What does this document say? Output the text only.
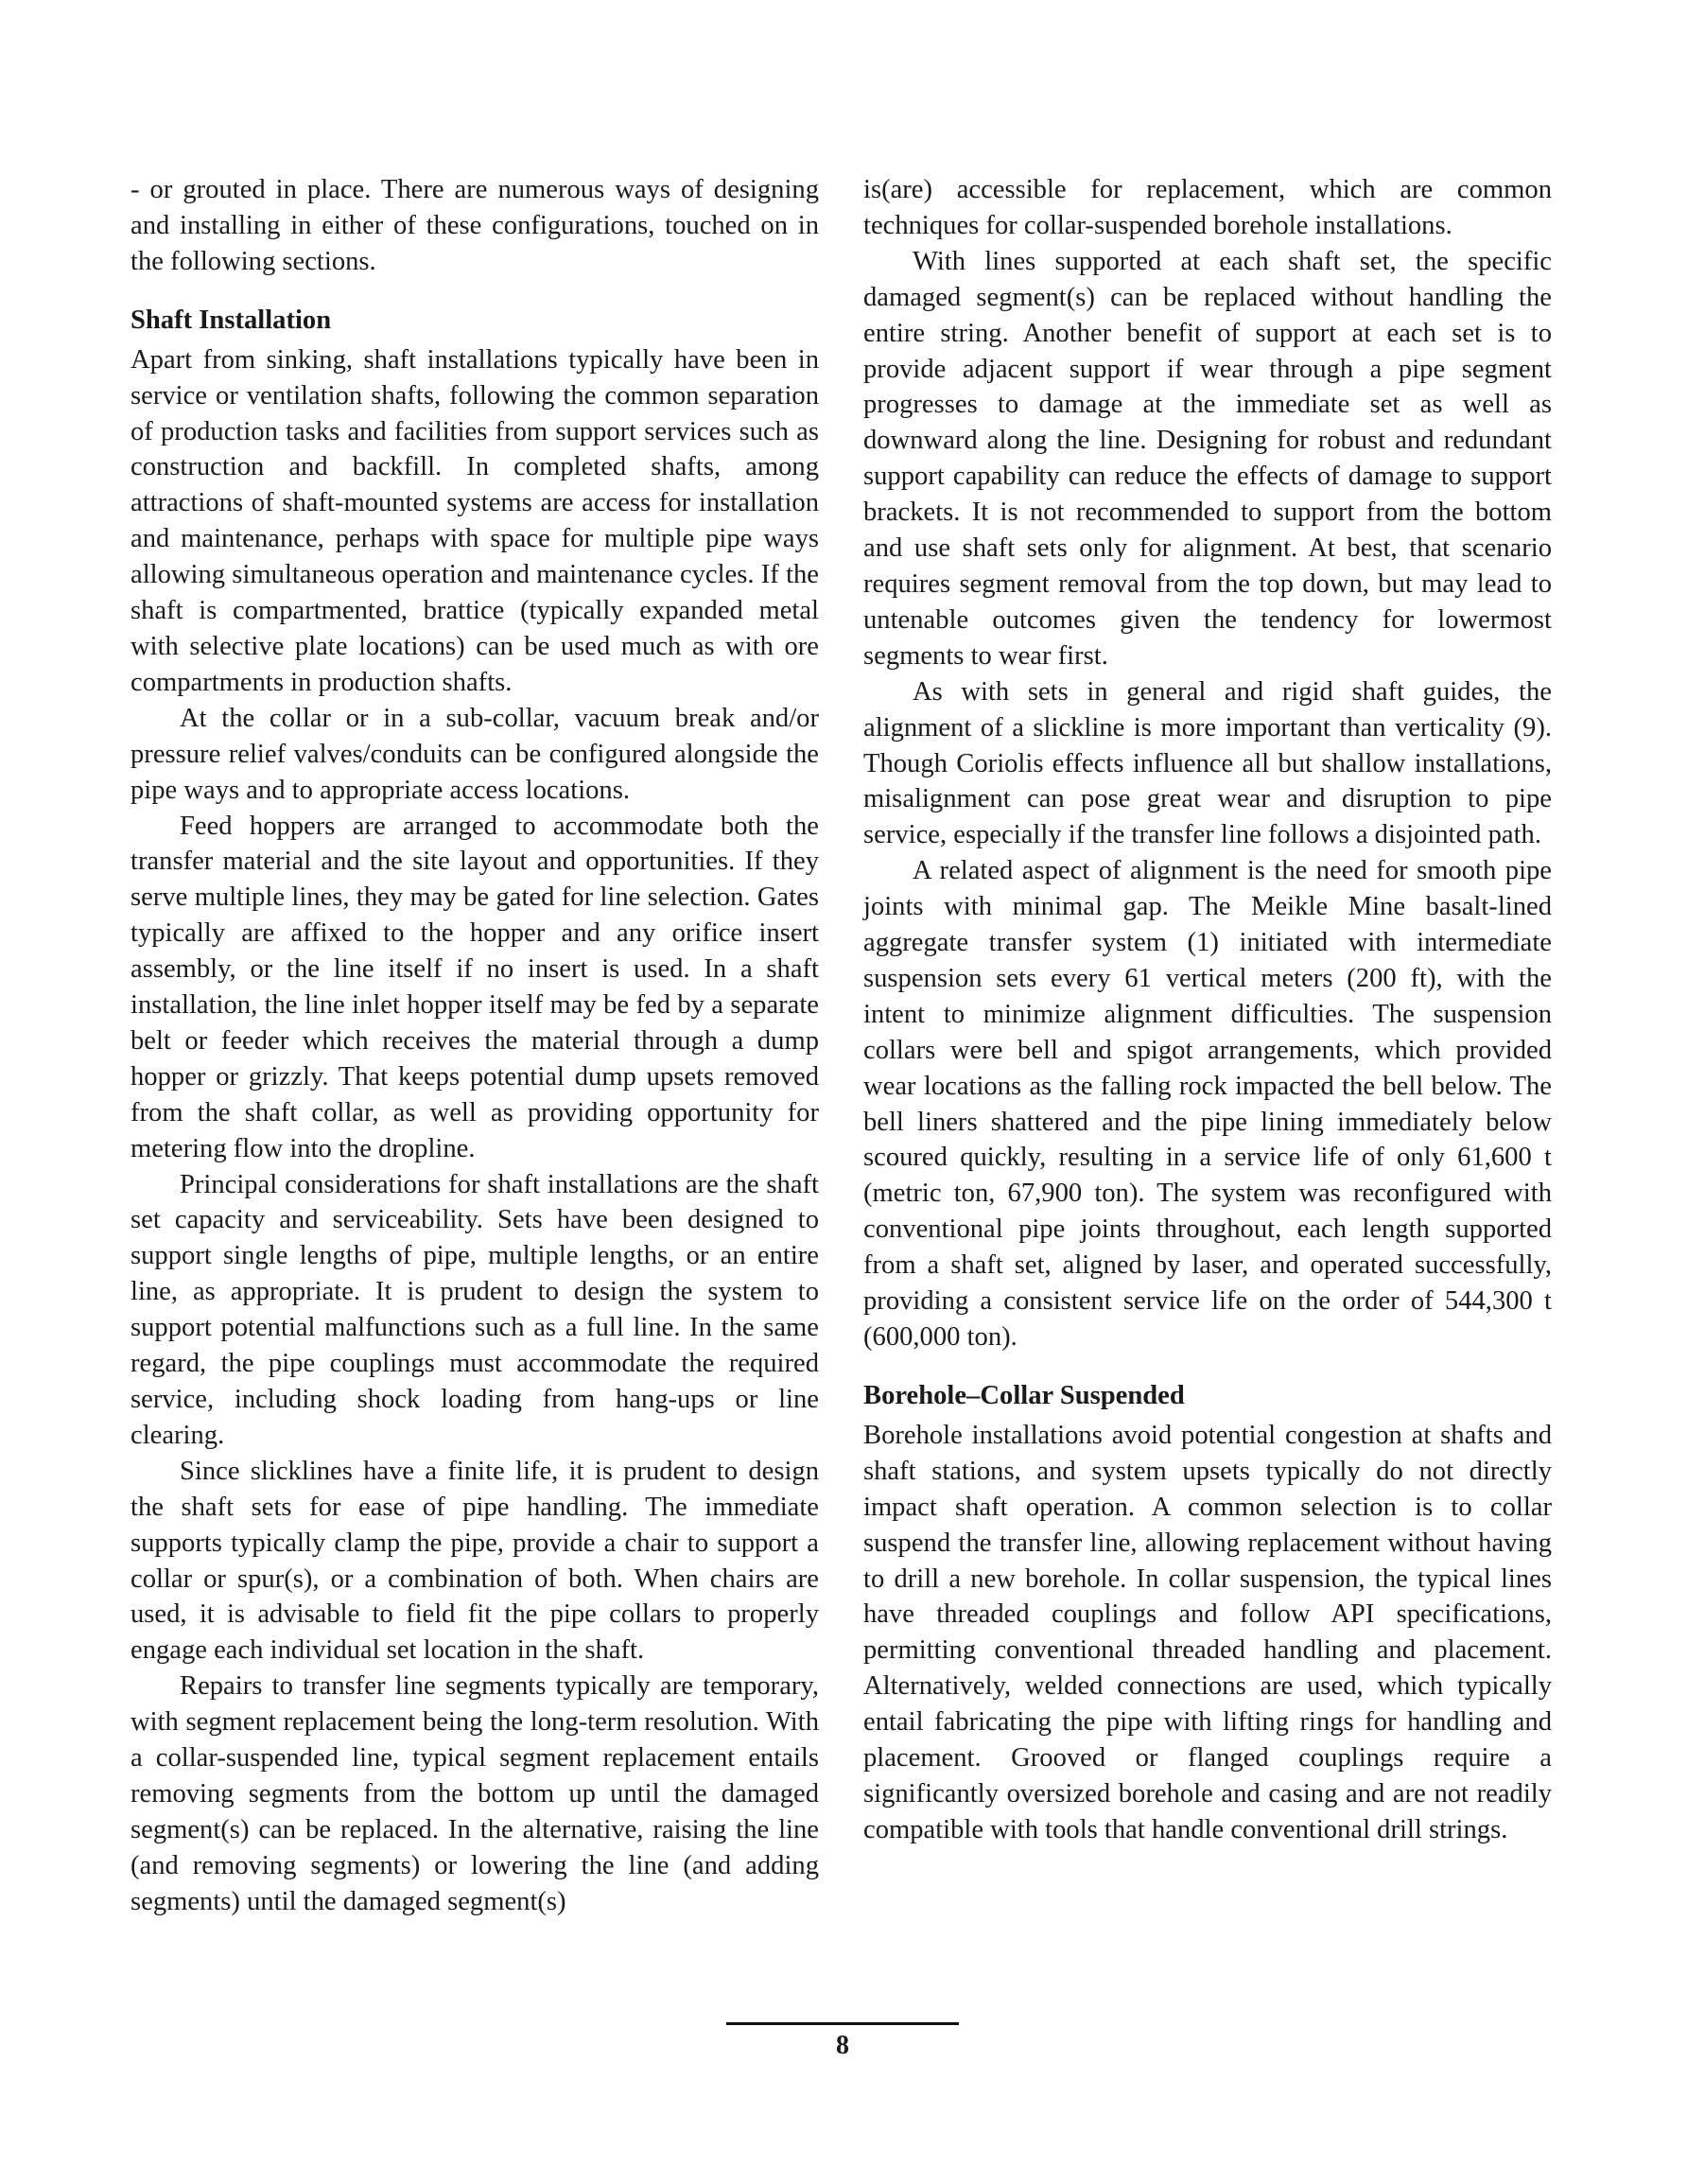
- or grouted in place. There are numerous ways of designing and installing in either of these configurations, touched on in the following sections.

Shaft Installation

Apart from sinking, shaft installations typically have been in service or ventilation shafts, following the common separation of production tasks and facilities from support services such as construction and backfill. In completed shafts, among attractions of shaft-mounted systems are access for installation and maintenance, perhaps with space for multiple pipe ways allowing simultaneous operation and maintenance cycles. If the shaft is compartmented, brattice (typically expanded metal with selective plate locations) can be used much as with ore compartments in production shafts.

At the collar or in a sub-collar, vacuum break and/or pressure relief valves/conduits can be configured alongside the pipe ways and to appropriate access locations.

Feed hoppers are arranged to accommodate both the transfer material and the site layout and opportunities. If they serve multiple lines, they may be gated for line selection. Gates typically are affixed to the hopper and any orifice insert assembly, or the line itself if no insert is used. In a shaft installation, the line inlet hopper itself may be fed by a separate belt or feeder which receives the material through a dump hopper or grizzly. That keeps potential dump upsets removed from the shaft collar, as well as providing opportunity for metering flow into the dropline.

Principal considerations for shaft installations are the shaft set capacity and serviceability. Sets have been designed to support single lengths of pipe, multiple lengths, or an entire line, as appropriate. It is prudent to design the system to support potential malfunctions such as a full line. In the same regard, the pipe couplings must accommodate the required service, including shock loading from hang-ups or line clearing.

Since slicklines have a finite life, it is prudent to design the shaft sets for ease of pipe handling. The immediate supports typically clamp the pipe, provide a chair to support a collar or spur(s), or a combination of both. When chairs are used, it is advisable to field fit the pipe collars to properly engage each individual set location in the shaft.

Repairs to transfer line segments typically are temporary, with segment replacement being the long-term resolution. With a collar-suspended line, typical segment replacement entails removing segments from the bottom up until the damaged segment(s) can be replaced. In the alternative, raising the line (and removing segments) or lowering the line (and adding segments) until the damaged segment(s)

is(are) accessible for replacement, which are common techniques for collar-suspended borehole installations.

With lines supported at each shaft set, the specific damaged segment(s) can be replaced without handling the entire string. Another benefit of support at each set is to provide adjacent support if wear through a pipe segment progresses to damage at the immediate set as well as downward along the line. Designing for robust and redundant support capability can reduce the effects of damage to support brackets. It is not recommended to support from the bottom and use shaft sets only for alignment. At best, that scenario requires segment removal from the top down, but may lead to untenable outcomes given the tendency for lowermost segments to wear first.

As with sets in general and rigid shaft guides, the alignment of a slickline is more important than verticality (9). Though Coriolis effects influence all but shallow installations, misalignment can pose great wear and disruption to pipe service, especially if the transfer line follows a disjointed path.

A related aspect of alignment is the need for smooth pipe joints with minimal gap. The Meikle Mine basalt-lined aggregate transfer system (1) initiated with intermediate suspension sets every 61 vertical meters (200 ft), with the intent to minimize alignment difficulties. The suspension collars were bell and spigot arrangements, which provided wear locations as the falling rock impacted the bell below. The bell liners shattered and the pipe lining immediately below scoured quickly, resulting in a service life of only 61,600 t (metric ton, 67,900 ton). The system was reconfigured with conventional pipe joints throughout, each length supported from a shaft set, aligned by laser, and operated successfully, providing a consistent service life on the order of 544,300 t (600,000 ton).

Borehole–Collar Suspended

Borehole installations avoid potential congestion at shafts and shaft stations, and system upsets typically do not directly impact shaft operation. A common selection is to collar suspend the transfer line, allowing replacement without having to drill a new borehole. In collar suspension, the typical lines have threaded couplings and follow API specifications, permitting conventional threaded handling and placement. Alternatively, welded connections are used, which typically entail fabricating the pipe with lifting rings for handling and placement. Grooved or flanged couplings require a significantly oversized borehole and casing and are not readily compatible with tools that handle conventional drill strings.

8
